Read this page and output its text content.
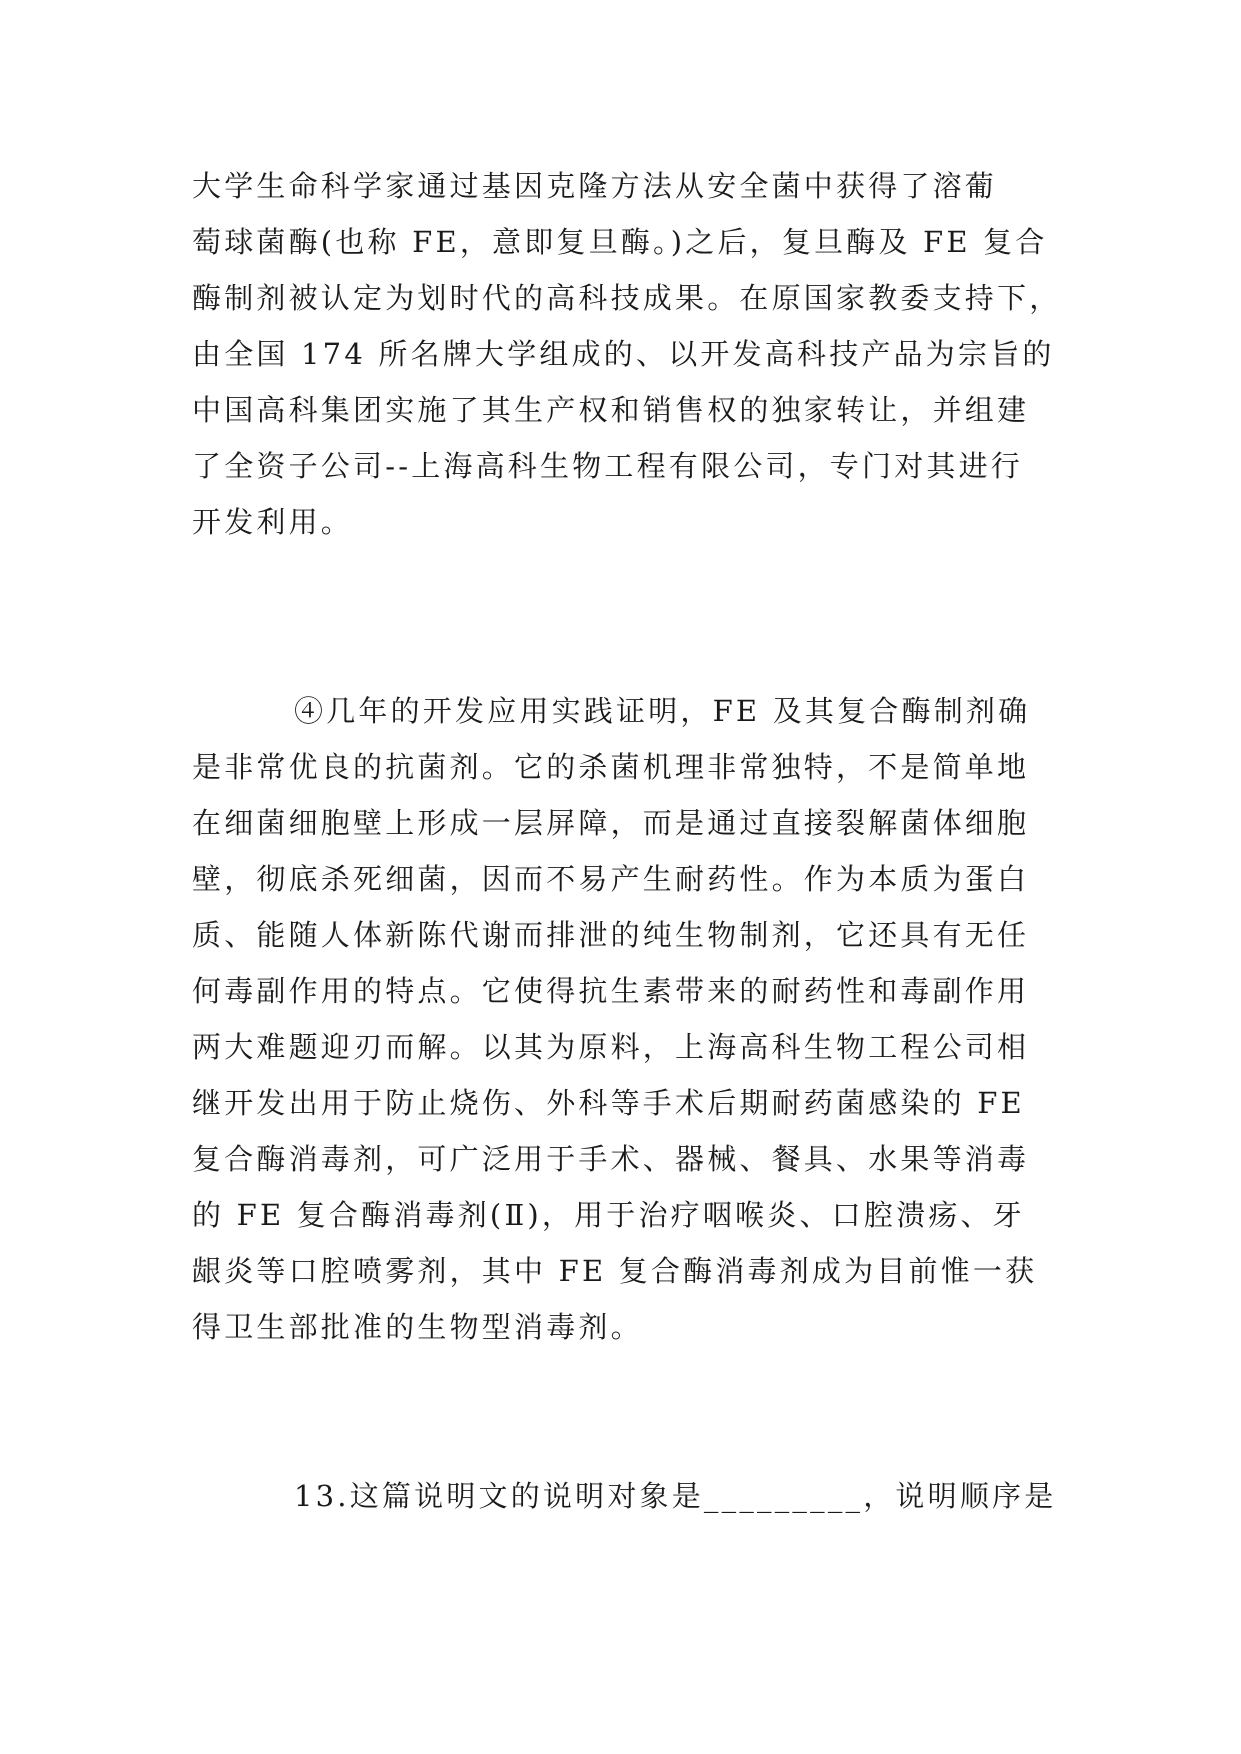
大学生命科学家通过基因克隆方法从安全菌中获得了溶葡
萄球菌酶(也称 FE，意即复旦酶。)之后，复旦酶及 FE 复合
酶制剂被认定为划时代的高科技成果。在原国家教委支持下，
由全国 174 所名牌大学组成的、以开发高科技产品为宗旨的
中国高科集团实施了其生产权和销售权的独家转让，并组建
了全资子公司--上海高科生物工程有限公司，专门对其进行
开发利用。
④几年的开发应用实践证明，FE 及其复合酶制剂确
是非常优良的抗菌剂。它的杀菌机理非常独特，不是简单地
在细菌细胞壁上形成一层屏障，而是通过直接裂解菌体细胞
壁，彻底杀死细菌，因而不易产生耐药性。作为本质为蛋白
质、能随人体新陈代谢而排泄的纯生物制剂，它还具有无任
何毒副作用的特点。它使得抗生素带来的耐药性和毒副作用
两大难题迎刃而解。以其为原料，上海高科生物工程公司相
继开发出用于防止烧伤、外科等手术后期耐药菌感染的 FE
复合酶消毒剂，可广泛用于手术、器械、餐具、水果等消毒
的 FE 复合酶消毒剂(Ⅱ)，用于治疗咽喉炎、口腔溃疡、牙
龈炎等口腔喷雾剂，其中 FE 复合酶消毒剂成为目前惟一获
得卫生部批准的生物型消毒剂。
13.这篇说明文的说明对象是_________，说明顺序是
